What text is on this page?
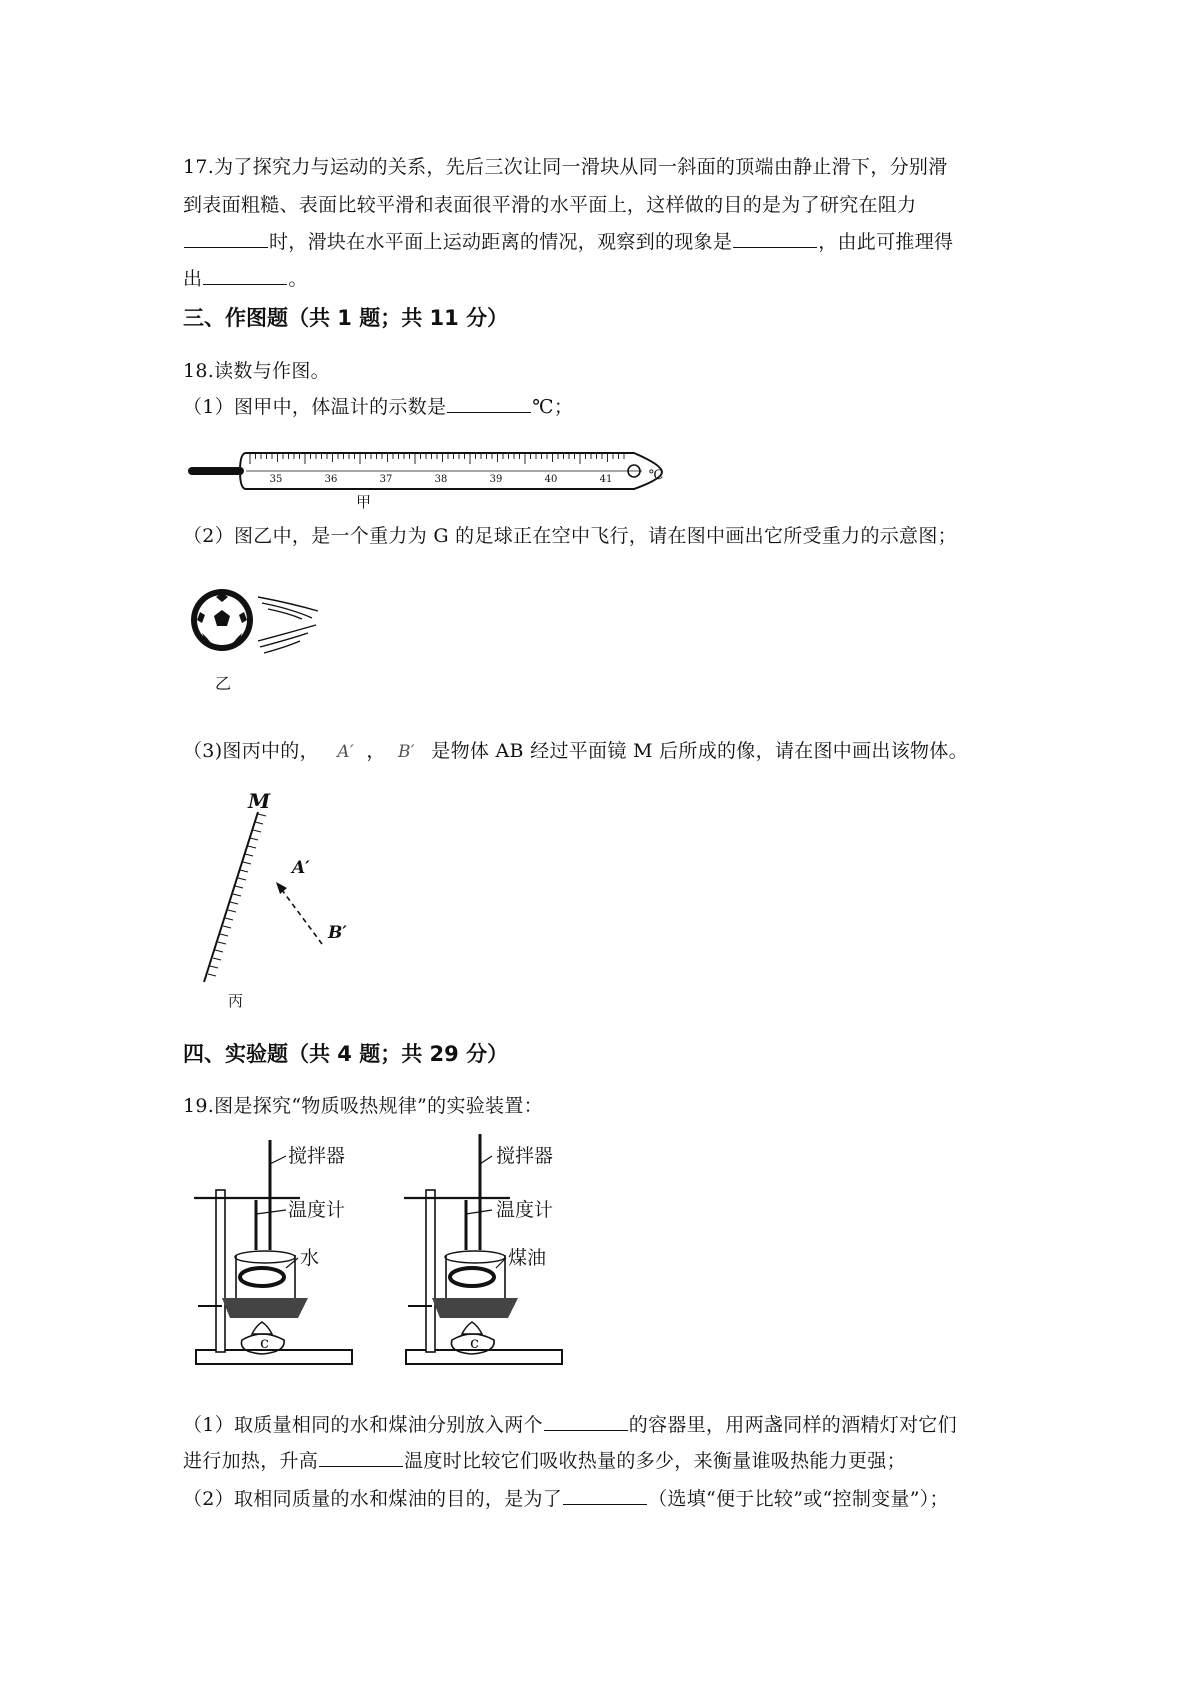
17.为了探究力与运动的关系，先后三次让同一滑块从同一斜面的顶端由静止滑下，分别滑
到表面粗糙、表面比较平滑和表面很平滑的水平面上，这样做的目的是为了研究在阻力
时，滑块在水平面上运动距离的情况，观察到的现象是	，由此可推理得
出	。
三、作图题（共 1 题；共 11 分）
18.读数与作图。
（1）图甲中，体温计的示数是	℃；
35	36	37	38	39	40	41	℃
甲
（2）图乙中，是一个重力为 G 的足球正在空中飞行，请在图中画出它所受重力的示意图；
乙
（3)图丙中的， A′ ， B′ 是物体 AB 经过平面镜 M 后所成的像，请在图中画出该物体。
M
A′
B′
丙
四、实验题（共 4 题；共 29 分）
19.图是探究“物质吸热规律”的实验装置：
ⅽ	ⅽ
搅拌器
温度计
水
搅拌器
温度计
煤油
（1）取质量相同的水和煤油分别放入两个	的容器里，用两盏同样的酒精灯对它们
进行加热，升高	温度时比较它们吸收热量的多少，来衡量谁吸热能力更强；
（2）取相同质量的水和煤油的目的，是为了	（选填“便于比较”或“控制变量”）；
